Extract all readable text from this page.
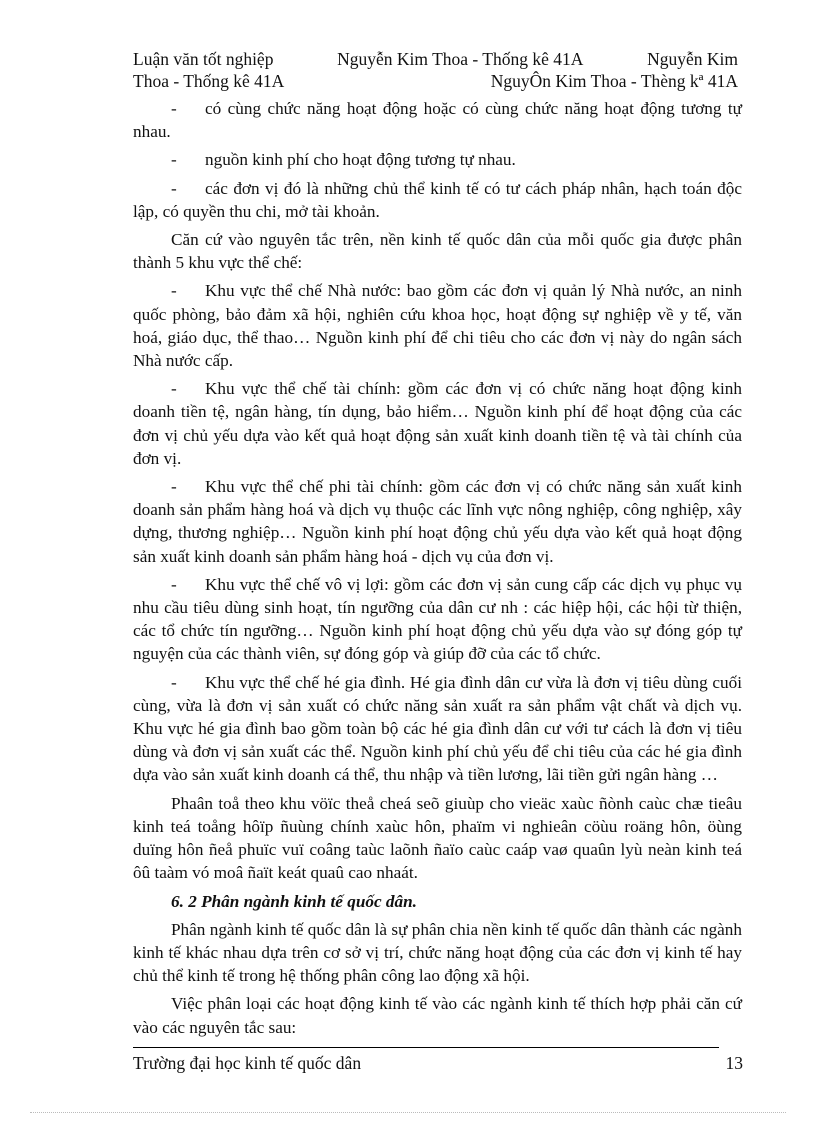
Luận văn tốt nghiệp	Nguyễn Kim Thoa - Thống kê 41A	Nguyễn Kim
Thoa - Thống kê 41A	NguyÔn Kim Thoa - Thèng kª 41A

- có cùng chức năng hoạt động hoặc có cùng chức năng hoạt động tương tự nhau.

- nguồn kinh phí cho hoạt động tương tự nhau.

- các đơn vị đó là những chủ thể kinh tế có tư cách pháp nhân, hạch toán độc lập, có quyền thu chi, mở tài khoản.

Căn cứ vào nguyên tắc trên, nền kinh tế quốc dân của mỗi quốc gia được phân thành 5 khu vực thể chế:

- Khu vực thể chế Nhà nước: bao gồm các đơn vị quản lý Nhà nước, an ninh quốc phòng, bảo đảm xã hội, nghiên cứu khoa học, hoạt động sự nghiệp về y tế, văn hoá, giáo dục, thể thao… Nguồn kinh phí để chi tiêu cho các đơn vị này do ngân sách Nhà nước cấp.

- Khu vực thể chế tài chính: gồm các đơn vị có chức năng hoạt động kinh doanh tiền tệ, ngân hàng, tín dụng, bảo hiểm… Nguồn kinh phí để hoạt động của các đơn vị chủ yếu dựa vào kết quả hoạt động sản xuất kinh doanh tiền tệ và tài chính của đơn vị.

- Khu vực thể chế phi tài chính: gồm các đơn vị có chức năng sản xuất kinh doanh sản phẩm hàng hoá và dịch vụ thuộc các lĩnh vực nông nghiệp, công nghiệp, xây dựng, thương nghiệp… Nguồn kinh phí hoạt động chủ yếu dựa vào kết quả hoạt động sản xuất kinh doanh sản phẩm hàng hoá - dịch vụ của đơn vị.

- Khu vực thể chế vô vị lợi: gồm các đơn vị sản cung cấp các dịch vụ phục vụ nhu cầu tiêu dùng sinh hoạt, tín ngưỡng của dân cư nh : các hiệp hội, các hội từ thiện, các tổ chức tín ngưỡng… Nguồn kinh phí hoạt động chủ yếu dựa vào sự đóng góp tự nguyện của các thành viên, sự đóng góp và giúp đỡ của các tổ chức.

- Khu vực thể chế hé gia đình. Hé gia đình dân cư vừa là đơn vị tiêu dùng cuối cùng, vừa là đơn vị sản xuất có chức năng sản xuất ra sản phẩm vật chất và dịch vụ. Khu vực hé gia đình bao gồm toàn bộ các hé gia đình dân cư với tư cách là đơn vị tiêu dùng và đơn vị sản xuất các thể. Nguồn kinh phí chủ yếu để chi tiêu của các hé gia đình dựa vào sản xuất kinh doanh cá thể, thu nhập và tiền lương, lãi tiền gửi ngân hàng …

Phaân toå theo khu vöïc theå cheá seõ giuùp cho vieäc xaùc ñònh caùc chæ tieâu kinh teá toång hôïp ñuùng chính xaùc hôn, phaïm vi nghieân cöùu roäng hôn, öùng duïng hôn ñeå phuïc vuï coâng taùc laõnh ñaïo caùc caáp vaø quaûn lyù neàn kinh teá ôû taàm vó moâ ñaït keát quaû cao nhaát.

6. 2 Phân ngành kinh tế quốc dân.

Phân ngành kinh tế quốc dân là sự phân chia nền kinh tế quốc dân thành các ngành kinh tế khác nhau dựa trên cơ sở vị trí, chức năng hoạt động của các đơn vị kinh tế hay chủ thể kinh tế trong hệ thống phân công lao động xã hội.

Việc phân loại các hoạt động kinh tế vào các ngành kinh tế thích hợp phải căn cứ vào các nguyên tắc sau:

Trường đại học kinh tế quốc dân	13
